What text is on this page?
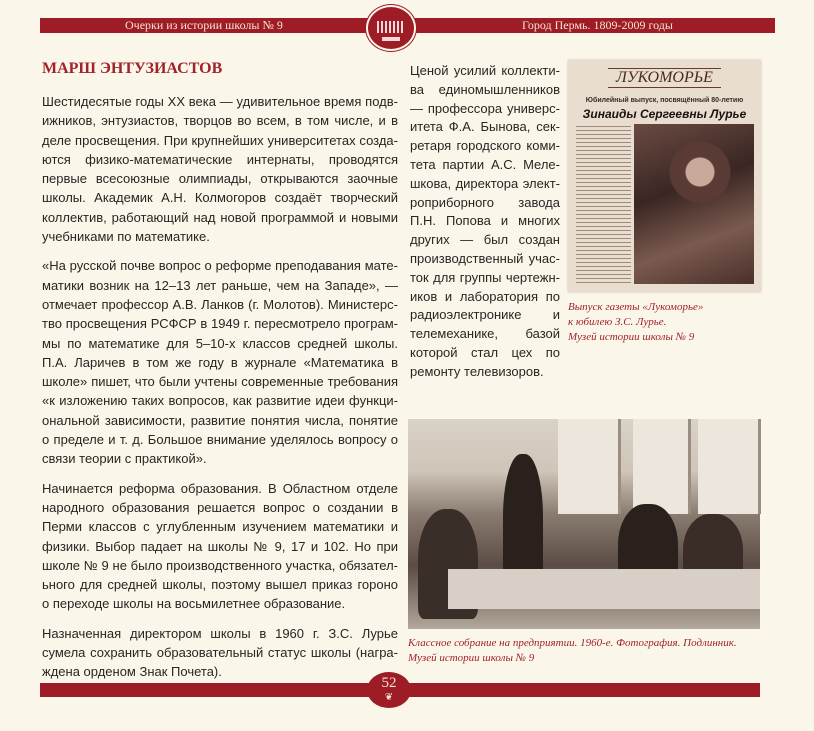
Очерки из истории школы № 9	Город Пермь. 1809-2009 годы
МАРШ ЭНТУЗИАСТОВ

Шестидесятые годы XX века — удивительное время подвижников, энтузиастов, творцов во всем, в том числе, и в деле просвещения. При крупнейших университетах создаются физико-математические интернаты, проводятся первые всесоюзные олимпиады, открываются заочные школы. Академик А.Н. Колмогоров создаёт творческий коллектив, работающий над новой программой и новыми учебниками по математике.

«На русской почве вопрос о реформе преподавания математики возник на 12–13 лет раньше, чем на Западе», — отмечает профессор А.В. Ланков (г. Молотов). Министерство просвещения РСФСР в 1949 г. пересмотрело программы по математике для 5–10-х классов средней школы. П.А. Ларичев в том же году в журнале «Математика в школе» пишет, что были учтены современные требования «к изложению таких вопросов, как развитие идеи функциональной зависимости, развитие понятия числа, понятие о пределе и т. д. Большое внимание уделялось вопросу о связи теории с практикой».

Начинается реформа образования. В Областном отделе народного образования решается вопрос о создании в Перми классов с углубленным изучением математики и физики. Выбор падает на школы № 9, 17 и 102. Но при школе № 9 не было производственного участка, обязательного для средней школы, поэтому вышел приказ гороно о переходе школы на восьмилетнее образование.

Назначенная директором школы в 1960 г. З.С. Лурье сумела сохранить образовательный статус школы (награждена орденом Знак Почета).

Ценой усилий коллектива единомышленников — профессора университета Ф.А. Бынова, секретаря городского комитета партии А.С. Мелешкова, директора электроприборного завода П.Н. Попова и многих других — был создан производственный участок для группы чертежников и лаборатория по радиоэлектронике и телемеханике, базой которой стал цех по ремонту телевизоров.

ЛУКОМОРЬЕ
Юбилейный выпуск, посвящённый 80-летию
Зинаиды Сергеевны Лурье
Выпуск газеты «Лукоморье»
к юбилею З.С. Лурье.
Музей истории школы № 9
Классное собрание на предприятии. 1960-е. Фотография. Подлинник.
Музей истории школы № 9
52
❦
